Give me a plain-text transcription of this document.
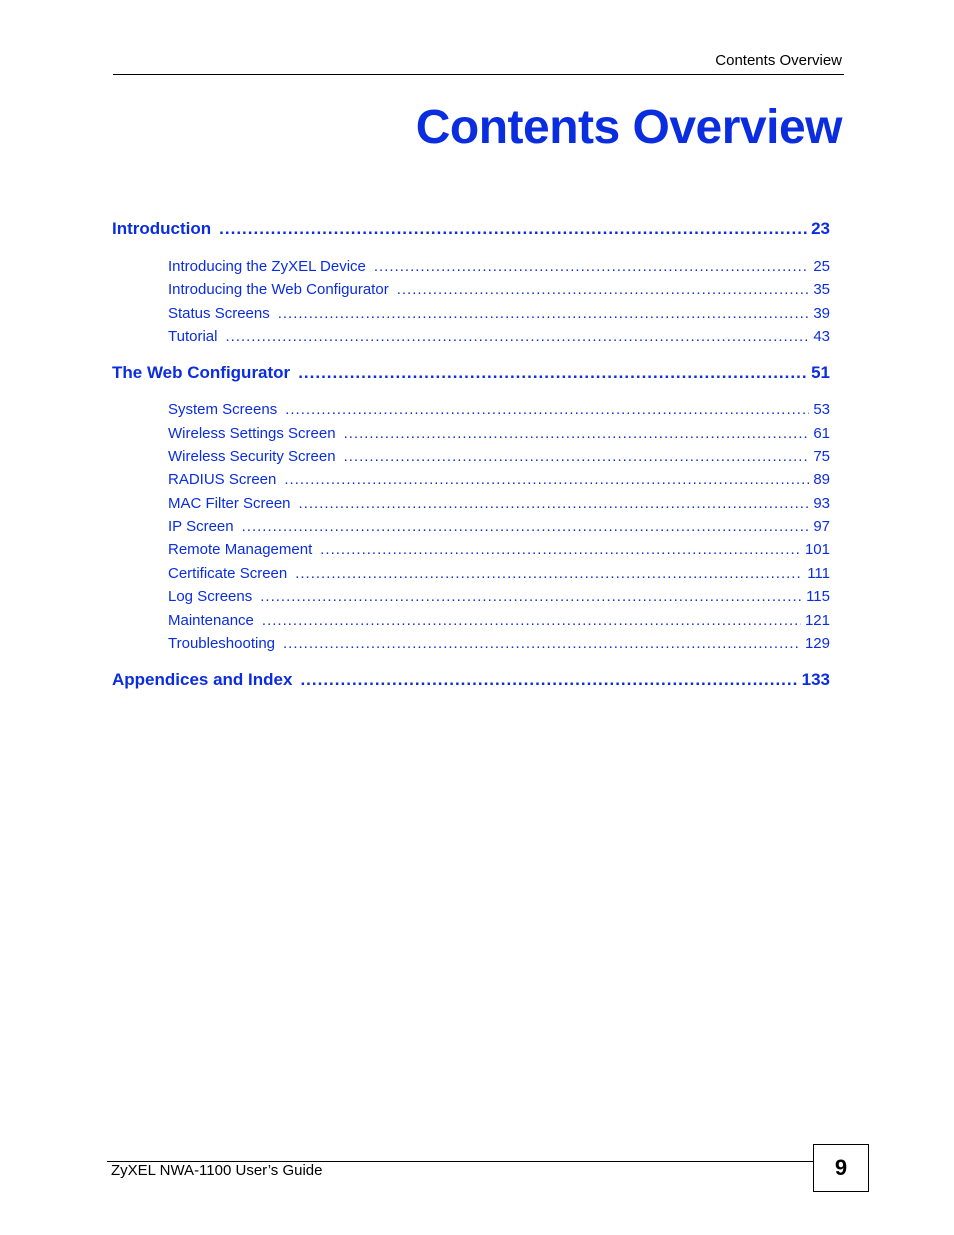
Contents Overview
Contents Overview
Introduction .....	23
Introducing the ZyXEL Device .....	25
Introducing the Web Configurator .....	35
Status Screens .....	39
Tutorial .....	43
The Web Configurator .....	51
System Screens .....	53
Wireless Settings Screen .....	61
Wireless Security Screen .....	75
RADIUS Screen .....	89
MAC Filter Screen .....	93
IP Screen .....	97
Remote Management .....	101
Certificate Screen .....	111
Log Screens .....	115
Maintenance .....	121
Troubleshooting .....	129
Appendices and Index .....	133
ZyXEL NWA-1100 User’s Guide	9
